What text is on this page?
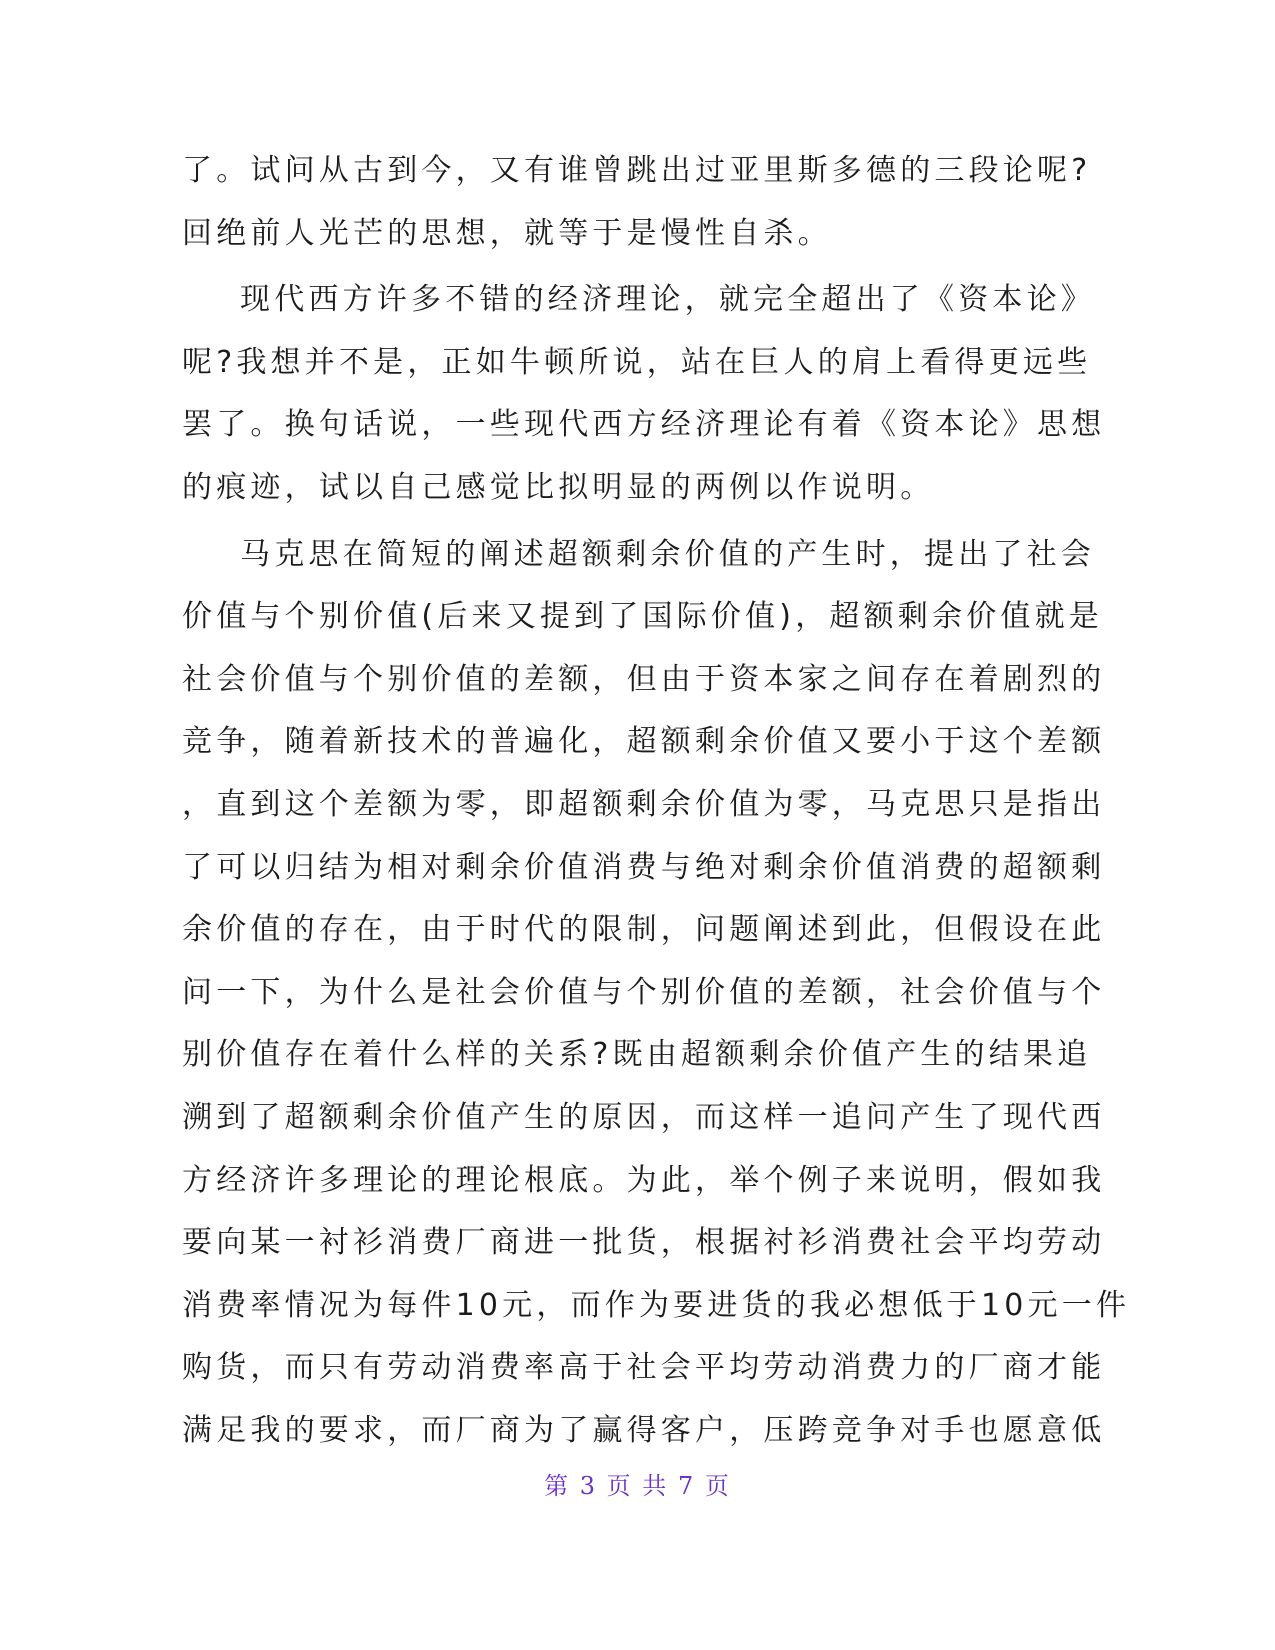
了。试问从古到今，又有谁曾跳出过亚里斯多德的三段论呢?
回绝前人光芒的思想，就等于是慢性自杀。
现代西方许多不错的经济理论，就完全超出了《资本论》
呢?我想并不是，正如牛顿所说，站在巨人的肩上看得更远些
罢了。换句话说，一些现代西方经济理论有着《资本论》思想
的痕迹，试以自己感觉比拟明显的两例以作说明。
马克思在简短的阐述超额剩余价值的产生时，提出了社会
价值与个别价值(后来又提到了国际价值)，超额剩余价值就是
社会价值与个别价值的差额，但由于资本家之间存在着剧烈的
竞争，随着新技术的普遍化，超额剩余价值又要小于这个差额
，直到这个差额为零，即超额剩余价值为零，马克思只是指出
了可以归结为相对剩余价值消费与绝对剩余价值消费的超额剩
余价值的存在，由于时代的限制，问题阐述到此，但假设在此
问一下，为什么是社会价值与个别价值的差额，社会价值与个
别价值存在着什么样的关系?既由超额剩余价值产生的结果追
溯到了超额剩余价值产生的原因，而这样一追问产生了现代西
方经济许多理论的理论根底。为此，举个例子来说明，假如我
要向某一衬衫消费厂商进一批货，根据衬衫消费社会平均劳动
消费率情况为每件10元，而作为要进货的我必想低于10元一件
购货，而只有劳动消费率高于社会平均劳动消费力的厂商才能
满足我的要求，而厂商为了赢得客户，压跨竞争对手也愿意低
第 3 页 共 7 页
